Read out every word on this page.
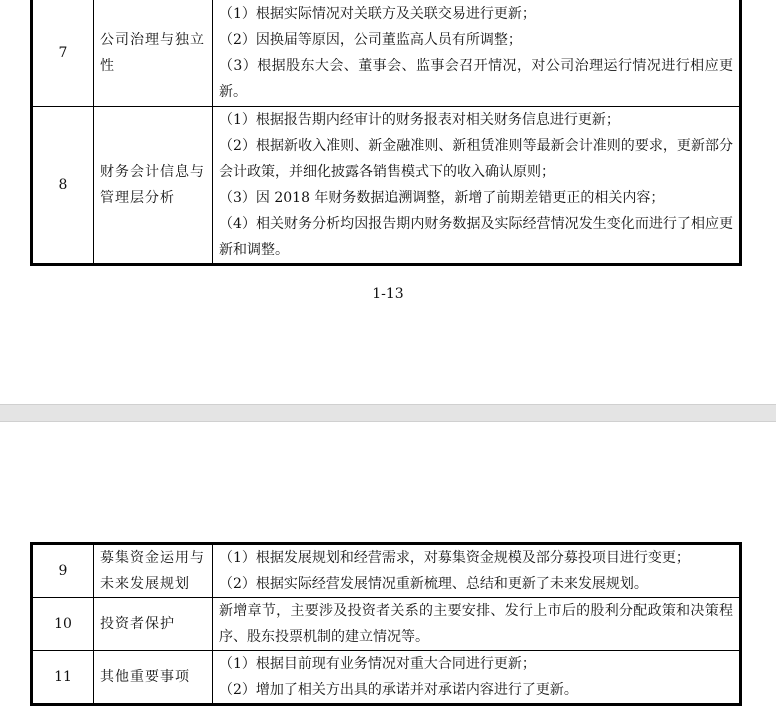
7	公司治理与独立性	（1）根据实际情况对关联方及关联交易进行更新；

（2）因换届等原因，公司董监高人员有所调整；

（3）根据股东大会、董事会、监事会召开情况，对公司治理运行情况进行相应更新。

8	财务会计信息与管理层分析	（1）根据报告期内经审计的财务报表对相关财务信息进行更新；

（2）根据新收入准则、新金融准则、新租赁准则等最新会计准则的要求，更新部分会计政策，并细化披露各销售模式下的收入确认原则；

（3）因 2018 年财务数据追溯调整，新增了前期差错更正的相关内容；

（4）相关财务分析均因报告期内财务数据及实际经营情况发生变化而进行了相应更新和调整。

1-13
9	募集资金运用与未来发展规划	（1）根据发展规划和经营需求，对募集资金规模及部分募投项目进行变更；

（2）根据实际经营发展情况重新梳理、总结和更新了未来发展规划。

10	投资者保护	新增章节，主要涉及投资者关系的主要安排、发行上市后的股利分配政策和决策程序、股东投票机制的建立情况等。

11	其他重要事项	（1）根据目前现有业务情况对重大合同进行更新；

（2）增加了相关方出具的承诺并对承诺内容进行了更新。
